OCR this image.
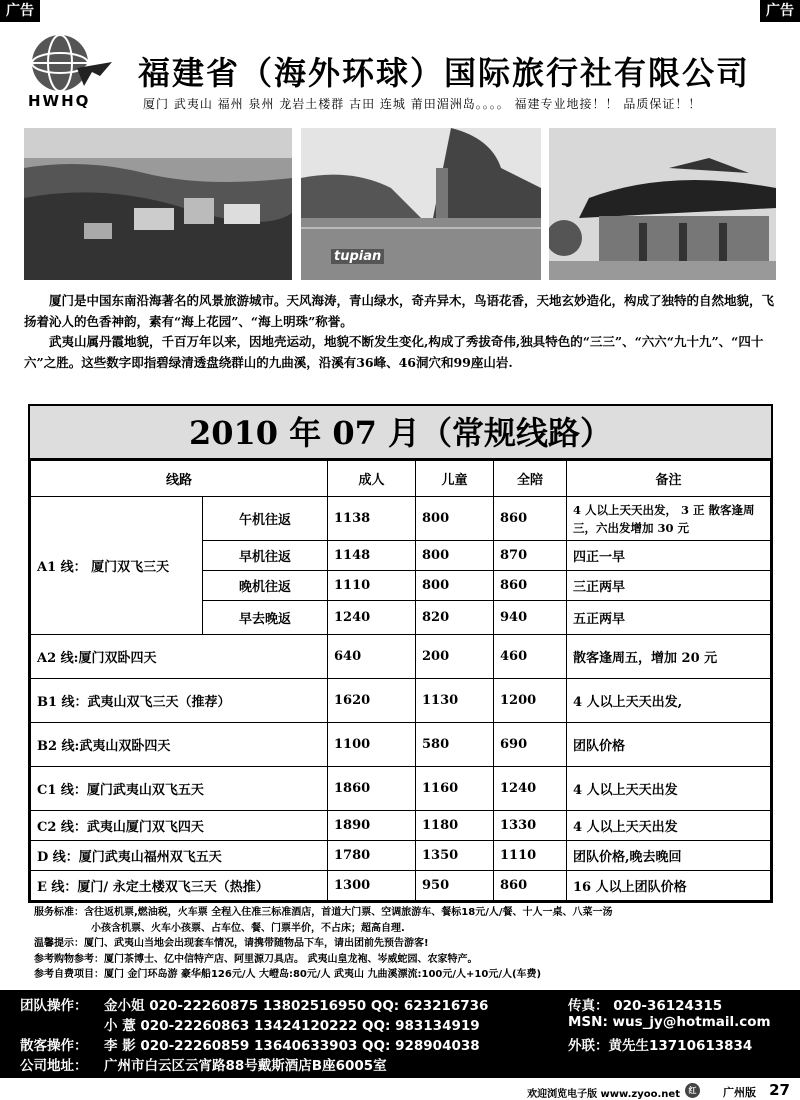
广告	广告
HWHQ
福建省（海外环球）国际旅行社有限公司
厦门 武夷山 福州 泉州 龙岩土楼群 古田 连城 莆田湄洲岛。。。。 福建专业地接！！ 品质保证！！
tupian

厦门是中国东南沿海著名的风景旅游城市。天风海涛，青山绿水，奇卉异木，鸟语花香，天地玄妙造化，构成了独特的自然地貌，飞扬着沁人的色香神韵，素有“海上花园”、“海上明珠”称誉。

武夷山属丹霞地貌，千百万年以来，因地壳运动，地貌不断发生变化,构成了秀拔奇伟,独具特色的“三三”、“六六“九十九”、“四十六”之胜。这些数字即指碧绿清透盘绕群山的九曲溪，沿溪有36峰、46洞穴和99座山岩.

2010 年 07 月（常规线路）
线路		成人	儿童	全陪	备注
A1 线： 厦门双飞三天	午机往返	1138	800	860	4 人以上天天出发， 3 正 散客逢周三，六出发增加 30 元
	早机往返	1148	800	870	四正一早
	晚机往返	1110	800	860	三正两早
	早去晚返	1240	820	940	五正两早
A2 线:厦门双卧四天		640	200	460	散客逢周五，增加 20 元
B1 线：武夷山双飞三天（推荐）		1620	1130	1200	4 人以上天天出发,
B2 线:武夷山双卧四天		1100	580	690	团队价格
C1 线：厦门武夷山双飞五天		1860	1160	1240	4 人以上天天出发
C2 线：武夷山厦门双飞四天		1890	1180	1330	4 人以上天天出发
D 线：厦门武夷山福州双飞五天		1780	1350	1110	团队价格,晚去晚回
E 线：厦门/ 永定土楼双飞三天（热推）		1300	950	860	16 人以上团队价格
服务标准：含往返机票,燃油税，火车票 全程入住准三标准酒店，首道大门票、空调旅游车、餐标18元/人/餐、十人一桌、八菜一汤
小孩含机票、火车小孩票、占车位、餐、门票半价，不占床；超高自理.
温馨提示：厦门、武夷山当地会出现套车情况，请携带随物品下车，请出团前先预告游客!
参考购物参考：厦门茶博士、亿中信特产店、阿里源刀具店。 武夷山皇龙袍、岑威蛇园、农家特产。
参考自费项目：厦门 金门环岛游 豪华船126元/人 大嶝岛:80元/人 武夷山 九曲溪漂流:100元/人+10元/人(车费)
团队操作： 金小姐 020-22260875 13802516950 QQ: 623216736	传真： 020-36124315
小 薏 020-22260863 13424120222 QQ: 983134919	MSN: wus_jy@hotmail.com
散客操作： 李 影 020-22260859 13640633903 QQ: 928904038	外联：黄先生13710613834
公司地址： 广州市白云区云宵路88号戴斯酒店B座6005室
欢迎浏览电子版 www.zyoo.net	红	广州版 27
